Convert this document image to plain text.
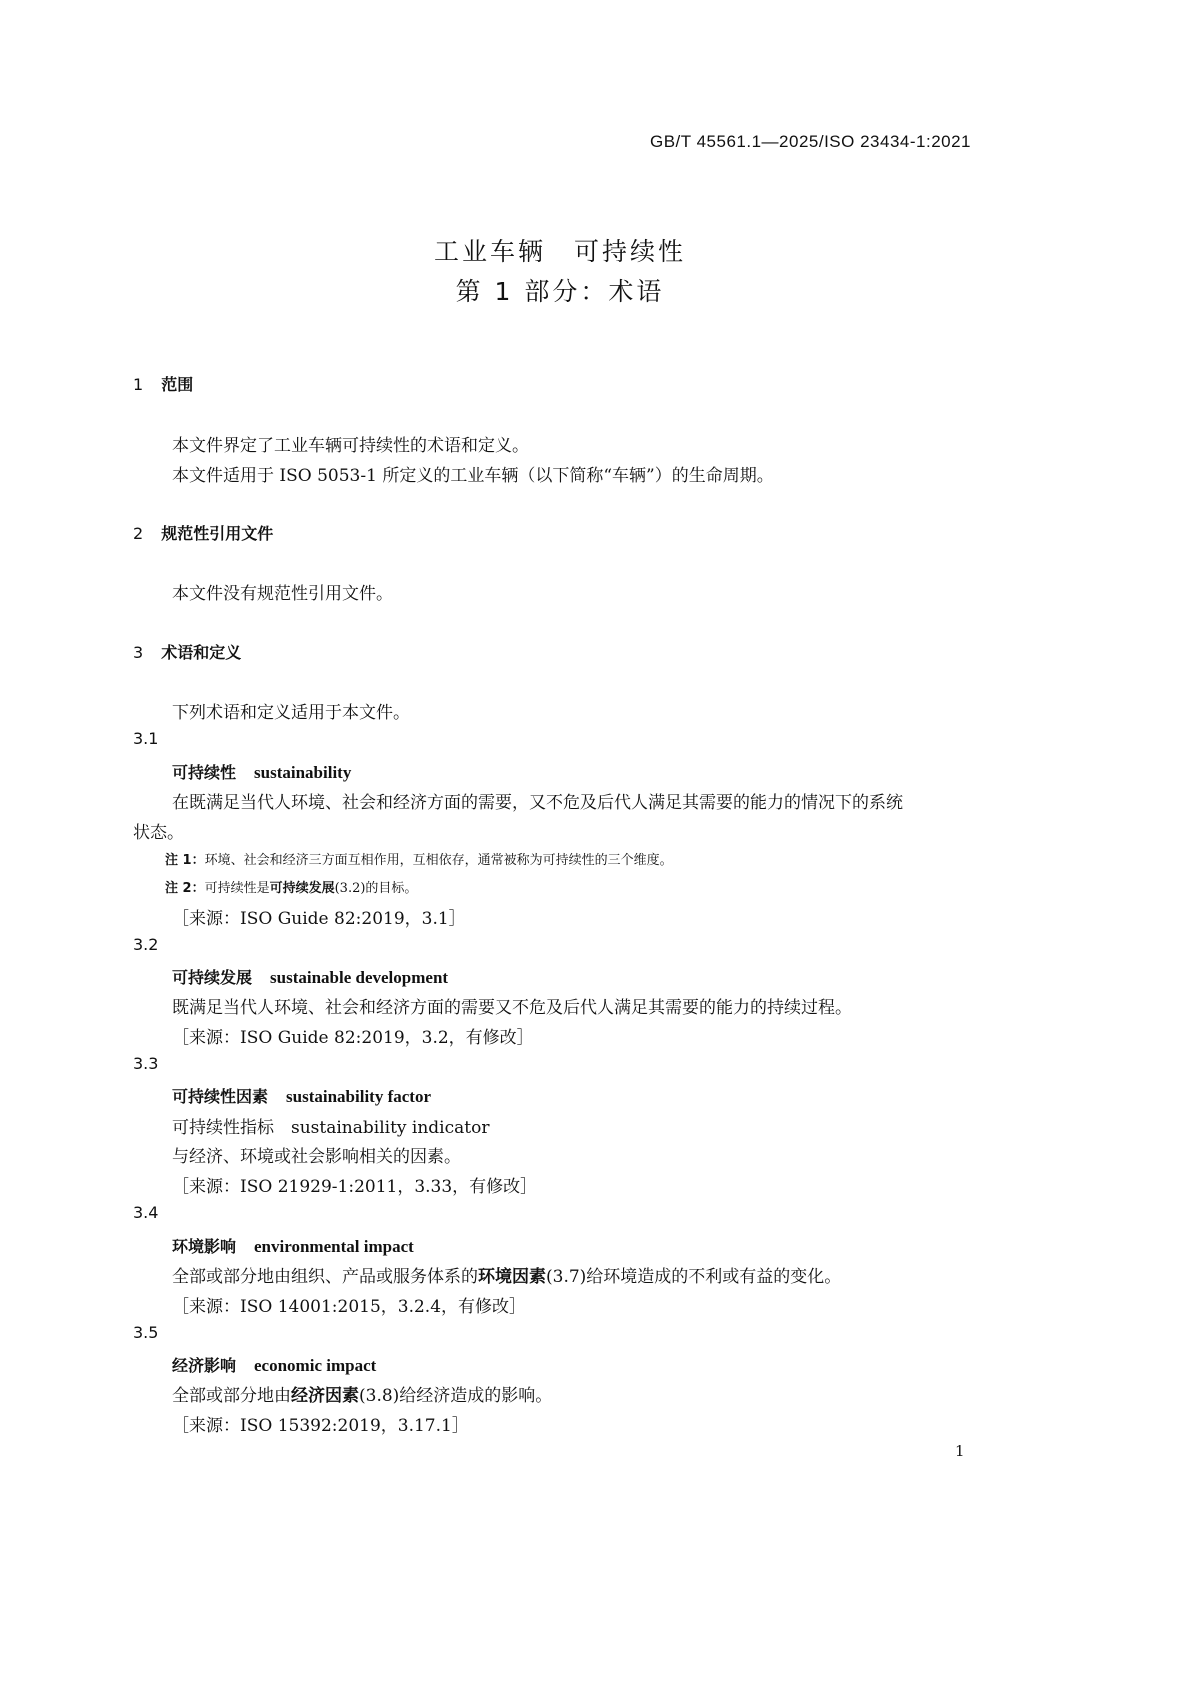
GB/T 45561.1—2025/ISO 23434-1:2021
工业车辆　可持续性
第 1 部分：术语
1 范围
本文件界定了工业车辆可持续性的术语和定义。
本文件适用于 ISO 5053-1 所定义的工业车辆（以下简称“车辆”）的生命周期。
2 规范性引用文件
本文件没有规范性引用文件。
3 术语和定义
下列术语和定义适用于本文件。
3.1
可持续性 sustainability
在既满足当代人环境、社会和经济方面的需要，又不危及后代人满足其需要的能力的情况下的系统
状态。
注 1：环境、社会和经济三方面互相作用，互相依存，通常被称为可持续性的三个维度。
注 2：可持续性是可持续发展(3.2)的目标。
［来源：ISO Guide 82:2019，3.1］
3.2
可持续发展 sustainable development
既满足当代人环境、社会和经济方面的需要又不危及后代人满足其需要的能力的持续过程。
［来源：ISO Guide 82:2019，3.2，有修改］
3.3
可持续性因素 sustainability factor
可持续性指标　sustainability indicator
与经济、环境或社会影响相关的因素。
［来源：ISO 21929-1:2011，3.33，有修改］
3.4
环境影响 environmental impact
全部或部分地由组织、产品或服务体系的环境因素(3.7)给环境造成的不利或有益的变化。
［来源：ISO 14001:2015，3.2.4，有修改］
3.5
经济影响 economic impact
全部或部分地由经济因素(3.8)给经济造成的影响。
［来源：ISO 15392:2019，3.17.1］
1
